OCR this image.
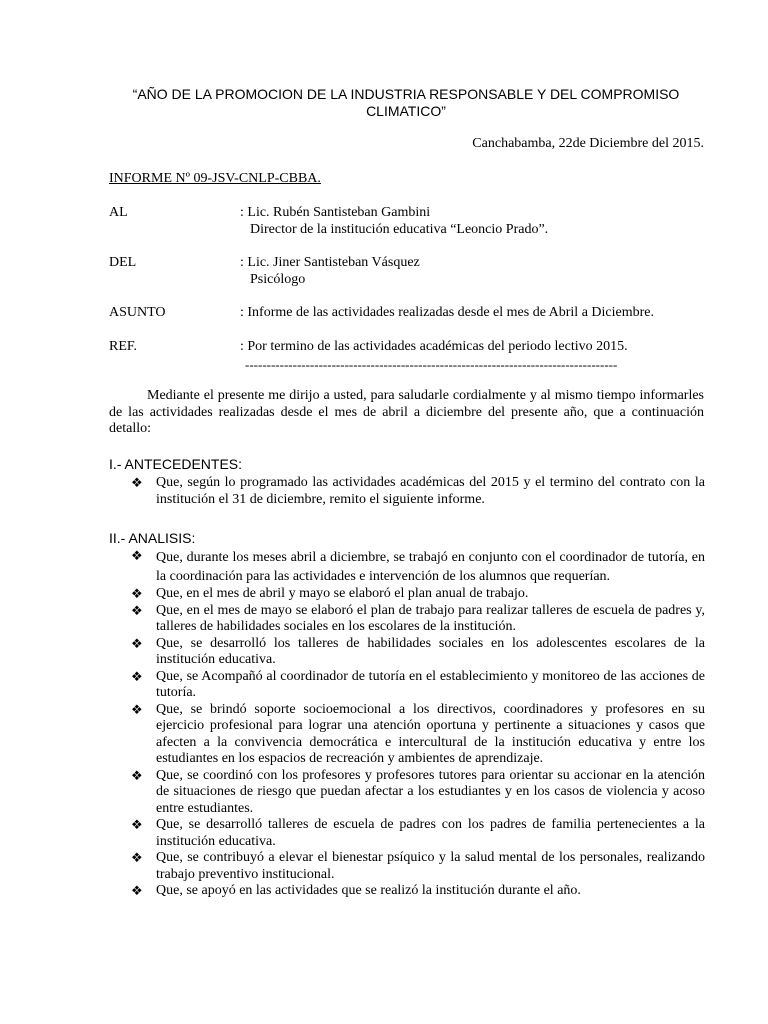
“AÑO DE LA PROMOCION DE LA INDUSTRIA RESPONSABLE Y DEL COMPROMISO CLIMATICO”
Canchabamba, 22de Diciembre del 2015.
INFORME Nº 09-JSV-CNLP-CBBA.
AL	: Lic. Rubén Santisteban Gambini
Director de la institución educativa “Leoncio Prado”.
DEL	: Lic. Jiner Santisteban Vásquez
Psicólogo
ASUNTO	: Informe de las actividades realizadas desde el mes de Abril a Diciembre.
REF.	: Por termino de las actividades académicas del periodo lectivo 2015.
--------------------------------------------------------------------------------------
Mediante el presente me dirijo a usted, para saludarle cordialmente y al mismo tiempo informarles de las actividades realizadas desde el mes de abril a diciembre del presente año, que a continuación detallo:
I.- ANTECEDENTES:
❖ Que, según lo programado las actividades académicas del 2015 y el termino del contrato con la institución el 31 de diciembre, remito el siguiente informe.
II.- ANALISIS:
❖ Que, durante los meses abril a diciembre, se trabajó en conjunto con el coordinador de tutoría, en la coordinación para las actividades e intervención de los alumnos que requerían.
❖ Que, en el mes de abril y mayo se elaboró el plan anual de trabajo.
❖ Que, en el mes de mayo se elaboró el plan de trabajo para realizar talleres de escuela de padres y, talleres de habilidades sociales en los escolares de la institución.
❖ Que, se desarrolló los talleres de habilidades sociales en los adolescentes escolares de la institución educativa.
❖ Que, se Acompañó al coordinador de tutoría en el establecimiento y monitoreo de las acciones de tutoría.
❖ Que, se brindó soporte socioemocional a los directivos, coordinadores y profesores en su ejercicio profesional para lograr una atención oportuna y pertinente a situaciones y casos que afecten a la convivencia democrática e intercultural de la institución educativa y entre los estudiantes en los espacios de recreación y ambientes de aprendizaje.
❖ Que, se coordinó con los profesores y profesores tutores para orientar su accionar en la atención de situaciones de riesgo que puedan afectar a los estudiantes y en los casos de violencia y acoso entre estudiantes.
❖ Que, se desarrolló talleres de escuela de padres con los padres de familia pertenecientes a la institución educativa.
❖ Que, se contribuyó a elevar el bienestar psíquico y la salud mental de los personales, realizando trabajo preventivo institucional.
❖ Que, se apoyó en las actividades que se realizó la institución durante el año.
